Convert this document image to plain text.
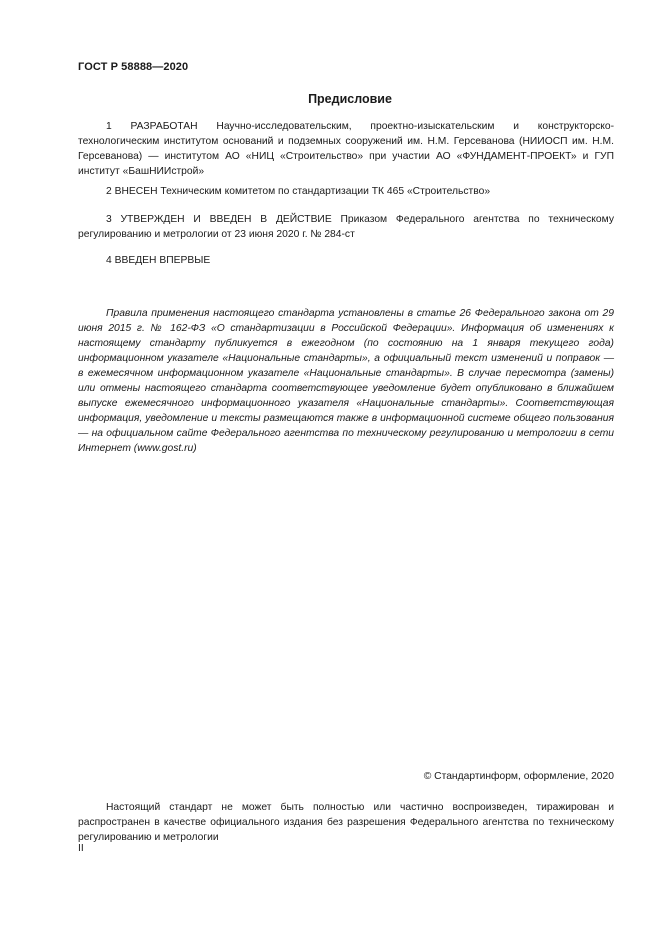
ГОСТ Р 58888—2020
Предисловие

1 РАЗРАБОТАН Научно-исследовательским, проектно-изыскательским и конструкторско-технологическим институтом оснований и подземных сооружений им. Н.М. Герсеванова (НИИОСП им. Н.М. Герсеванова) — институтом АО «НИЦ «Строительство» при участии АО «ФУНДАМЕНТ-ПРОЕКТ» и ГУП институт «БашНИИстрой»

2 ВНЕСЕН Техническим комитетом по стандартизации ТК 465 «Строительство»

3 УТВЕРЖДЕН И ВВЕДЕН В ДЕЙСТВИЕ Приказом Федерального агентства по техническому регулированию и метрологии от 23 июня 2020 г. № 284-ст

4 ВВЕДЕН ВПЕРВЫЕ

Правила применения настоящего стандарта установлены в статье 26 Федерального закона от 29 июня 2015 г. № 162-ФЗ «О стандартизации в Российской Федерации». Информация об изменениях к настоящему стандарту публикуется в ежегодном (по состоянию на 1 января текущего года) информационном указателе «Национальные стандарты», а официальный текст изменений и поправок — в ежемесячном информационном указателе «Национальные стандарты». В случае пересмотра (замены) или отмены настоящего стандарта соответствующее уведомление будет опубликовано в ближайшем выпуске ежемесячного информационного указателя «Национальные стандарты». Соответствующая информация, уведомление и тексты размещаются также в информационной системе общего пользования — на официальном сайте Федерального агентства по техническому регулированию и метрологии в сети Интернет (www.gost.ru)

© Стандартинформ, оформление, 2020

Настоящий стандарт не может быть полностью или частично воспроизведен, тиражирован и распространен в качестве официального издания без разрешения Федерального агентства по техническому регулированию и метрологии

II
